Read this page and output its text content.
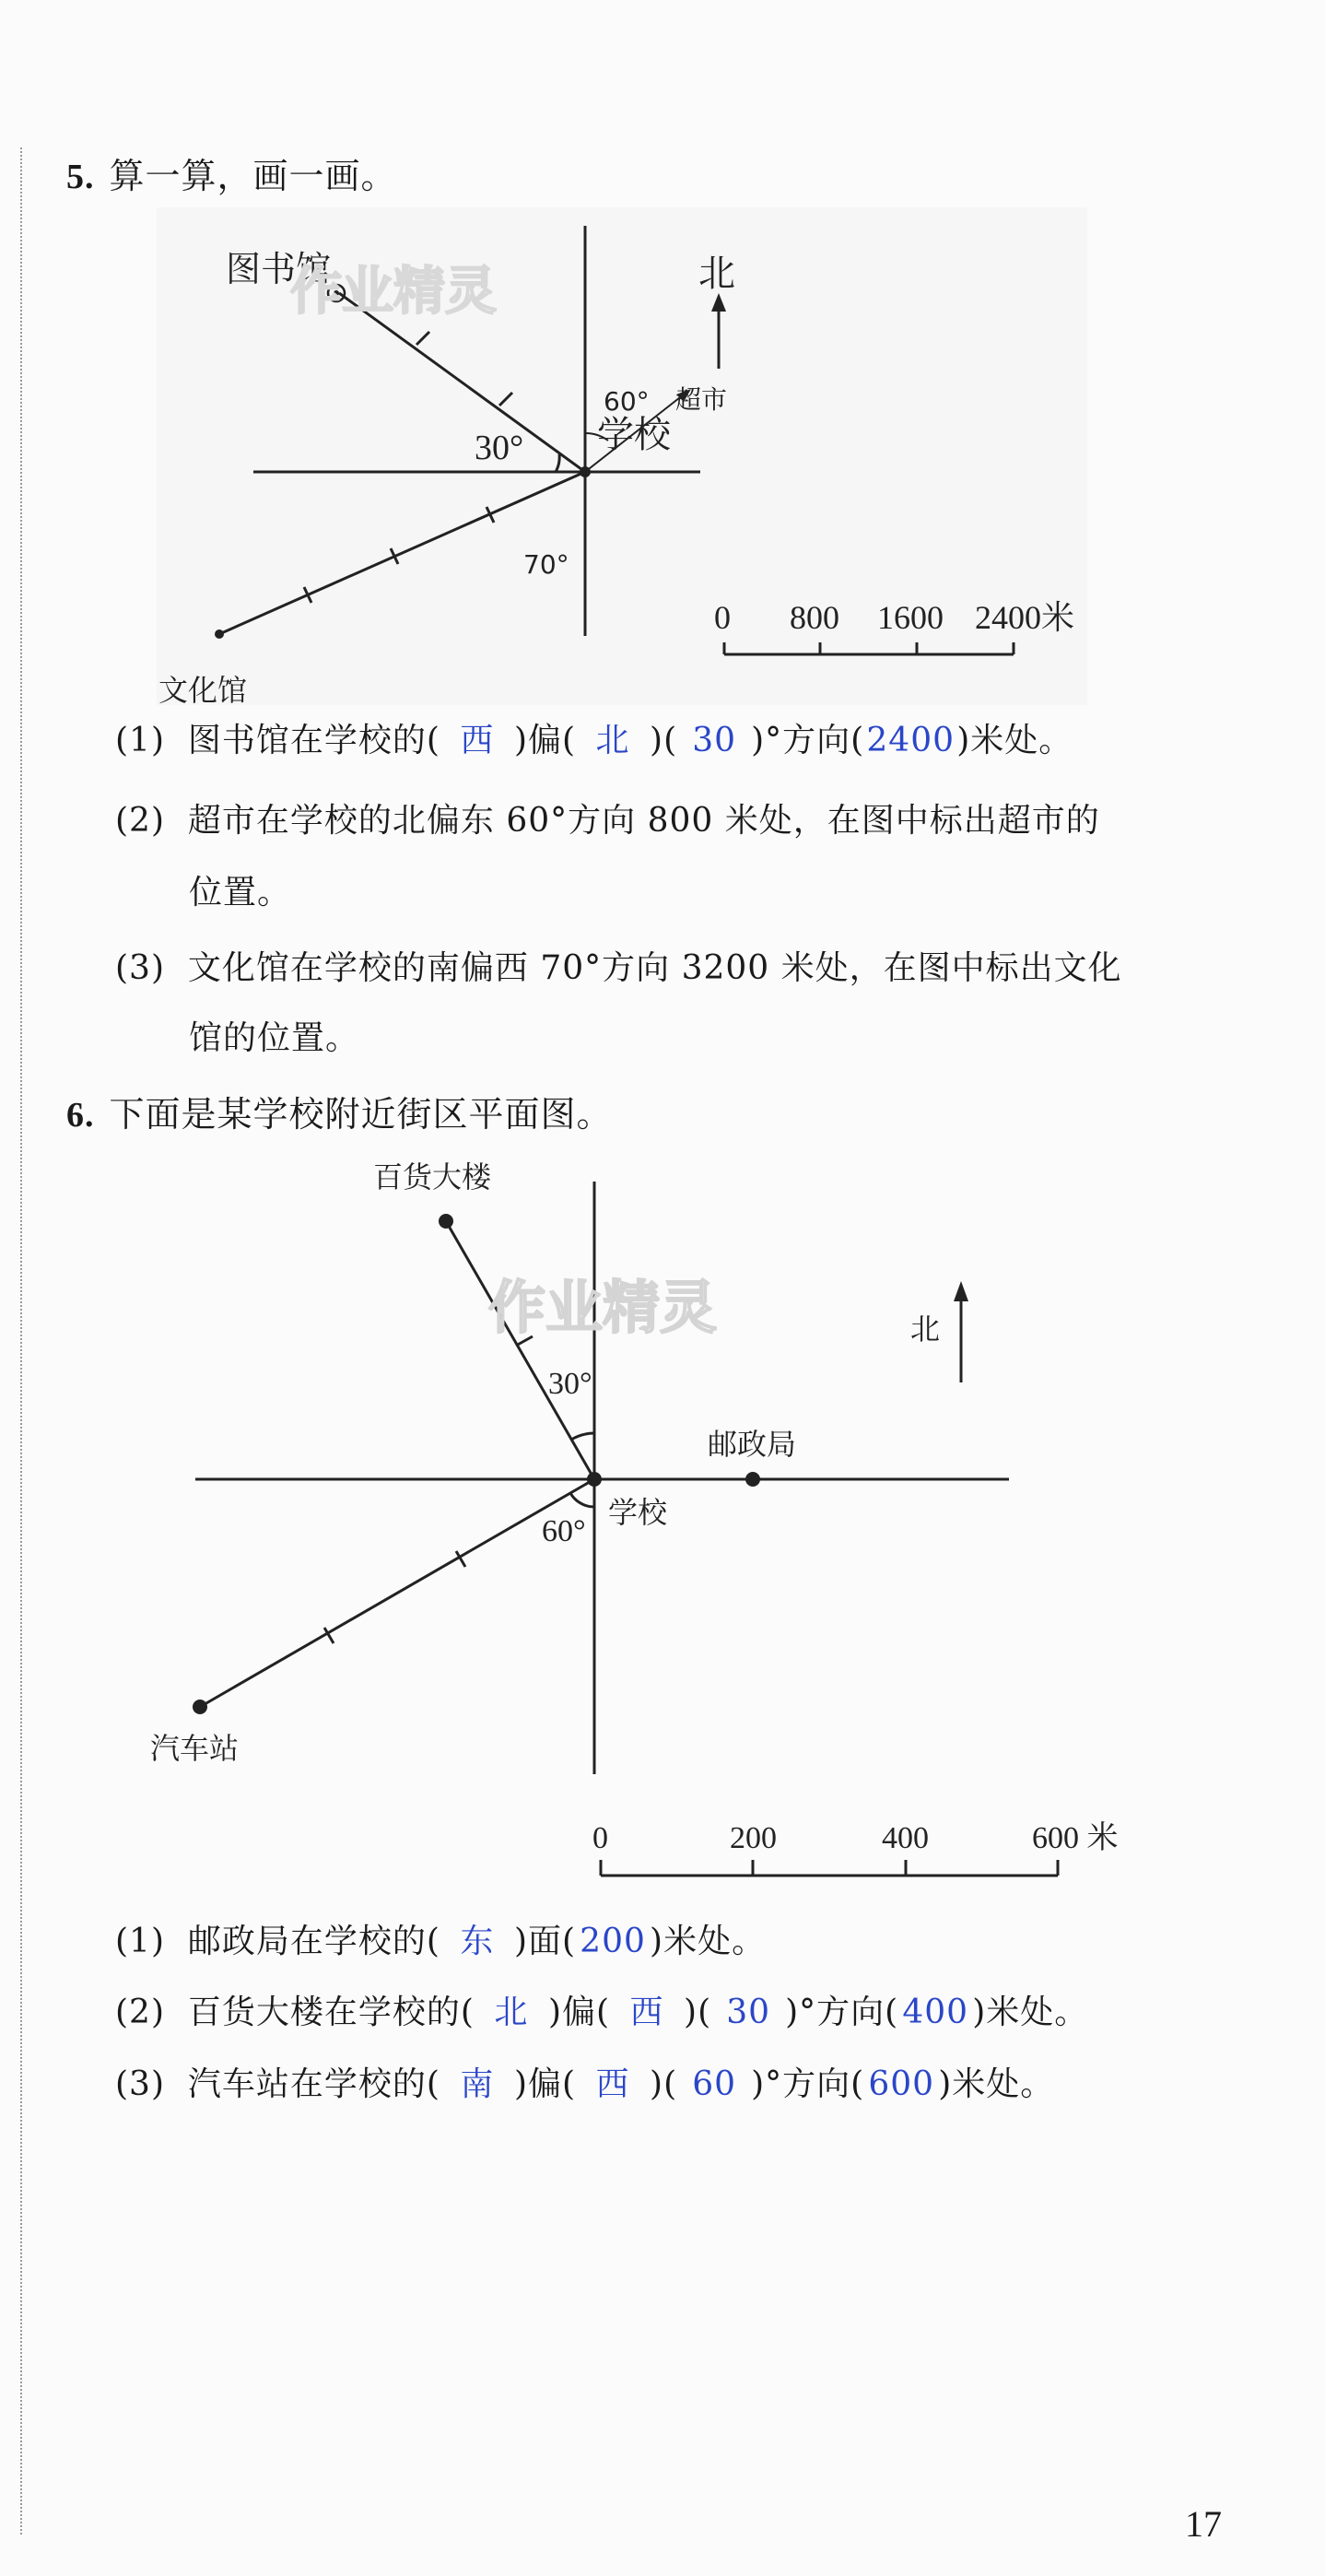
5. 算一算，画一画。
图书馆
学校
北
60° 超市
70°
文化馆
30°
0 800 1600 2400米
作业精灵
(1) 图书馆在学校的( 西 )偏( 北 )( 30 )°方向(2400)米处。
(2) 超市在学校的北偏东 60°方向 800 米处，在图中标出超市的
位置。
(3) 文化馆在学校的南偏西 70°方向 3200 米处，在图中标出文化
馆的位置。
6. 下面是某学校附近街区平面图。
百货大楼
邮政局
学校
汽车站
北
30°
60°
0	200	400	600 米
作业精灵
(1) 邮政局在学校的( 东 )面( 200 )米处。
(2) 百货大楼在学校的( 北 )偏( 西 )( 30 )°方向( 400 )米处。
(3) 汽车站在学校的( 南 )偏( 西 )( 60 )°方向( 600 )米处。
17
